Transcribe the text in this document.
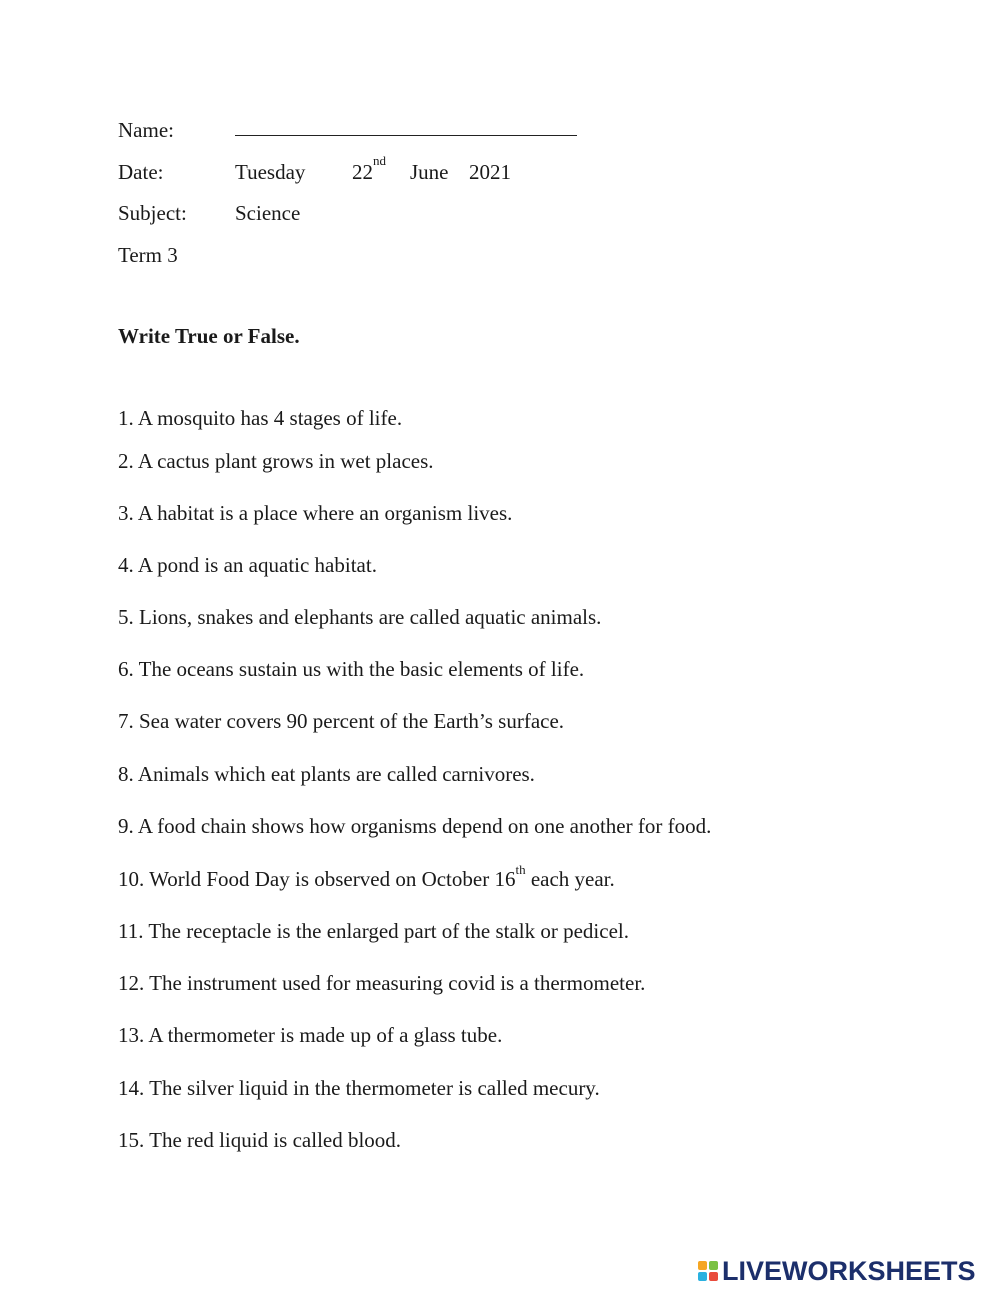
Name:
Date:	Tuesday 22nd June 2021
Subject: Science
Term 3
Write True or False.
1. A mosquito has 4 stages of life.
2. A cactus plant grows in wet places.
3. A habitat is a place where an organism lives.
4. A pond is an aquatic habitat.
5. Lions, snakes and elephants are called aquatic animals.
6. The oceans sustain us with the basic elements of life.
7. Sea water covers 90 percent of the Earth’s surface.
8. Animals which eat plants are called carnivores.
9. A food chain shows how organisms depend on one another for food.
10. World Food Day is observed on October 16th each year.
11. The receptacle is the enlarged part of the stalk or pedicel.
12. The instrument used for measuring covid is a thermometer.
13. A thermometer is made up of a glass tube.
14. The silver liquid in the thermometer is called mecury.
15. The red liquid is called blood.
LIVEWORKSHEETS
